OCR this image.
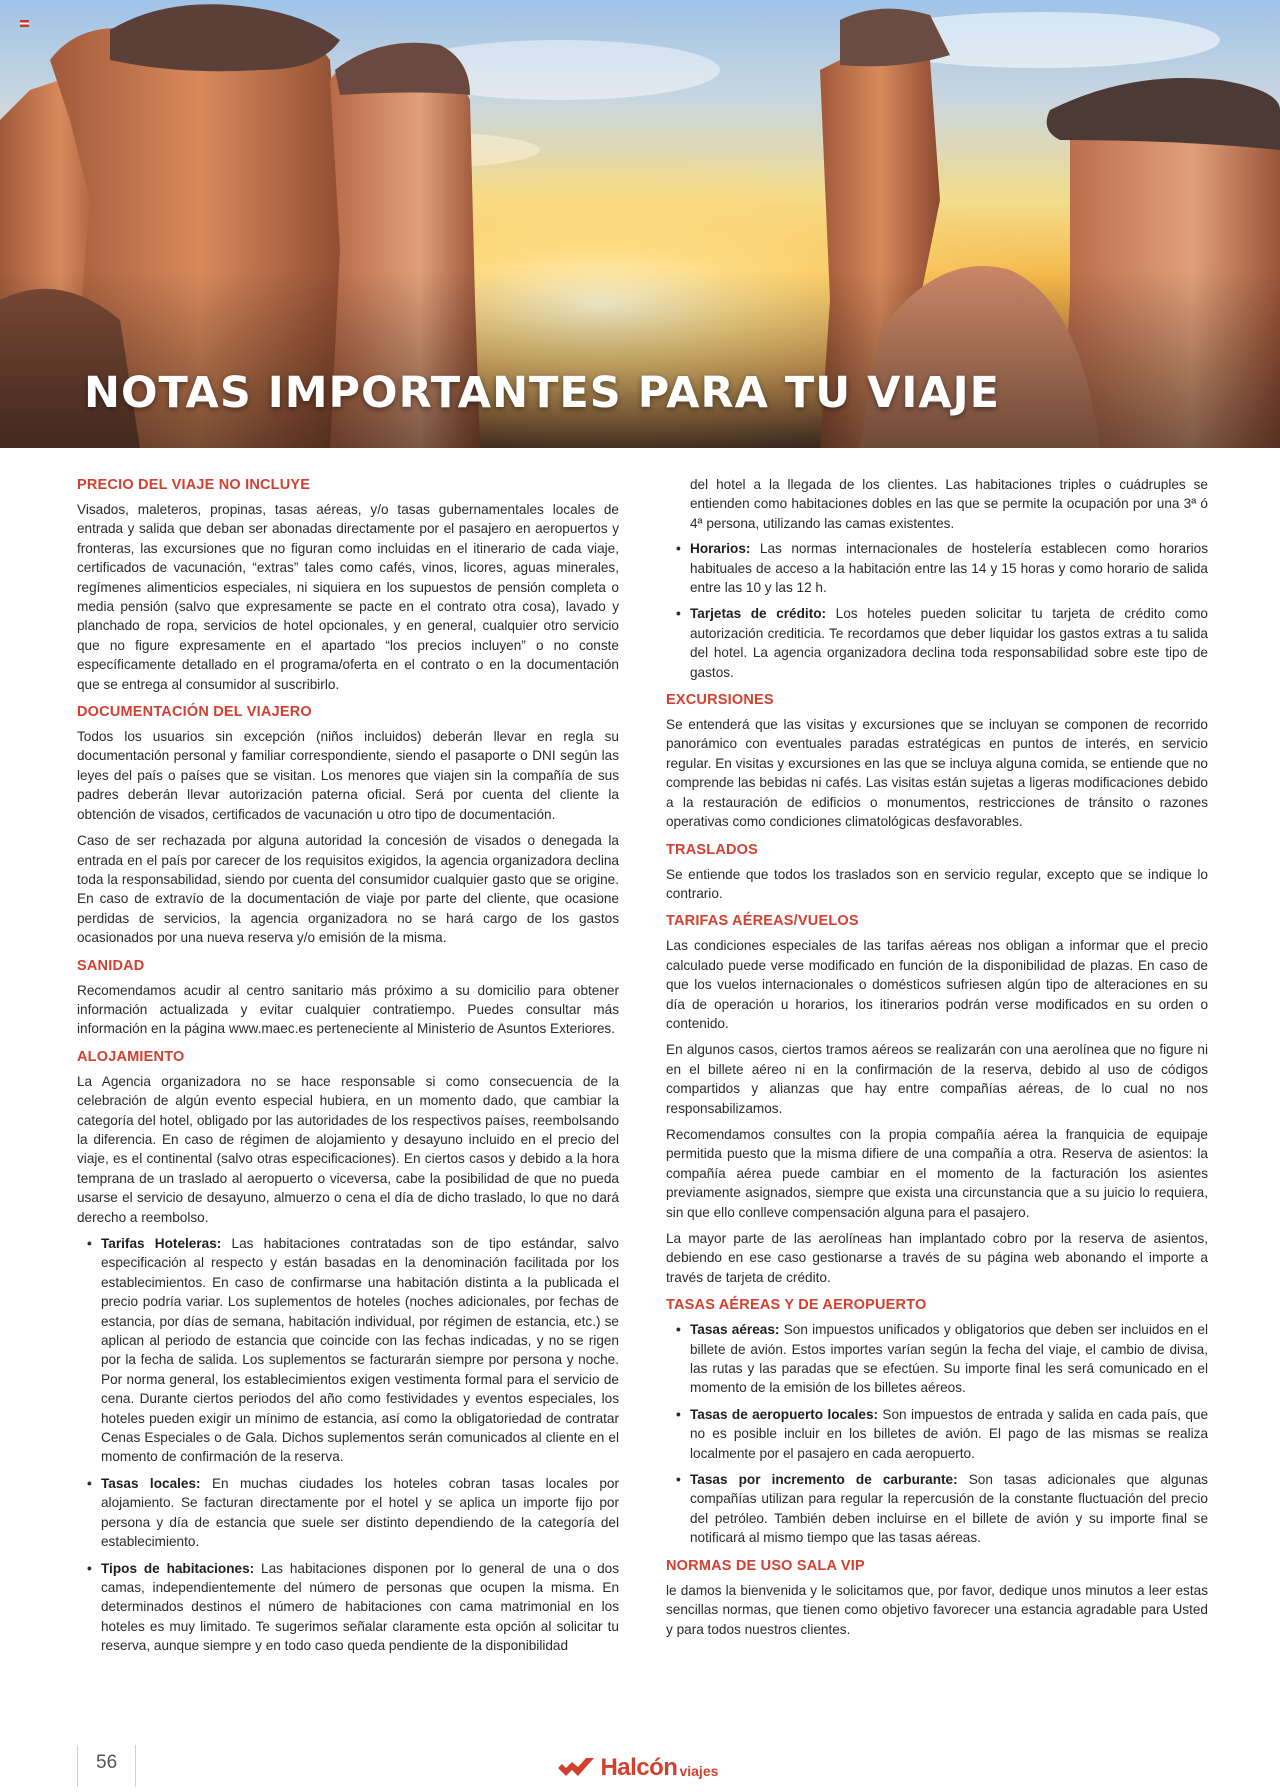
NOTAS IMPORTANTES PARA TU VIAJE
PRECIO DEL VIAJE NO INCLUYE

Visados, maleteros, propinas, tasas aéreas, y/o tasas gubernamentales locales de entrada y salida que deban ser abonadas directamente por el pasajero en aeropuertos y fronteras, las excursiones que no figuran como incluidas en el itinerario de cada viaje, certificados de vacunación, “extras” tales como cafés, vinos, licores, aguas minerales, regímenes alimenticios especiales, ni siquiera en los supuestos de pensión completa o media pensión (salvo que expresamente se pacte en el contrato otra cosa), lavado y planchado de ropa, servicios de hotel opcionales, y en general, cualquier otro servicio que no figure expresamente en el apartado “los precios incluyen” o no conste específicamente detallado en el programa/oferta en el contrato o en la documentación que se entrega al consumidor al suscribirlo.

DOCUMENTACIÓN DEL VIAJERO

Todos los usuarios sin excepción (niños incluidos) deberán llevar en regla su documentación personal y familiar correspondiente, siendo el pasaporte o DNI según las leyes del país o países que se visitan. Los menores que viajen sin la compañía de sus padres deberán llevar autorización paterna oficial. Será por cuenta del cliente la obtención de visados, certificados de vacunación u otro tipo de documentación.

Caso de ser rechazada por alguna autoridad la concesión de visados o denegada la entrada en el país por carecer de los requisitos exigidos, la agencia organizadora declina toda la responsabilidad, siendo por cuenta del consumidor cualquier gasto que se origine. En caso de extravío de la documentación de viaje por parte del cliente, que ocasione perdidas de servicios, la agencia organizadora no se hará cargo de los gastos ocasionados por una nueva reserva y/o emisión de la misma.

SANIDAD

Recomendamos acudir al centro sanitario más próximo a su domicilio para obtener información actualizada y evitar cualquier contratiempo. Puedes consultar más información en la página www.maec.es perteneciente al Ministerio de Asuntos Exteriores.

ALOJAMIENTO

La Agencia organizadora no se hace responsable si como consecuencia de la celebración de algún evento especial hubiera, en un momento dado, que cambiar la categoría del hotel, obligado por las autoridades de los respectivos países, reembolsando la diferencia. En caso de régimen de alojamiento y desayuno incluido en el precio del viaje, es el continental (salvo otras especificaciones). En ciertos casos y debido a la hora temprana de un traslado al aeropuerto o viceversa, cabe la posibilidad de que no pueda usarse el servicio de desayuno, almuerzo o cena el día de dicho traslado, lo que no dará derecho a reembolso.

• Tarifas Hoteleras: Las habitaciones contratadas son de tipo estándar, salvo especificación al respecto y están basadas en la denominación facilitada por los establecimientos. En caso de confirmarse una habitación distinta a la publicada el precio podría variar. Los suplementos de hoteles (noches adicionales, por fechas de estancia, por días de semana, habitación individual, por régimen de estancia, etc.) se aplican al periodo de estancia que coincide con las fechas indicadas, y no se rigen por la fecha de salida. Los suplementos se facturarán siempre por persona y noche. Por norma general, los establecimientos exigen vestimenta formal para el servicio de cena. Durante ciertos periodos del año como festividades y eventos especiales, los hoteles pueden exigir un mínimo de estancia, así como la obligatoriedad de contratar Cenas Especiales o de Gala. Dichos suplementos serán comunicados al cliente en el momento de confirmación de la reserva.
• Tasas locales: En muchas ciudades los hoteles cobran tasas locales por alojamiento. Se facturan directamente por el hotel y se aplica un importe fijo por persona y día de estancia que suele ser distinto dependiendo de la categoría del establecimiento.
• Tipos de habitaciones: Las habitaciones disponen por lo general de una o dos camas, independientemente del número de personas que ocupen la misma. En determinados destinos el número de habitaciones con cama matrimonial en los hoteles es muy limitado. Te sugerimos señalar claramente esta opción al solicitar tu reserva, aunque siempre y en todo caso queda pendiente de la disponibilidad

del hotel a la llegada de los clientes. Las habitaciones triples o cuádruples se entienden como habitaciones dobles en las que se permite la ocupación por una 3ª ó 4ª persona, utilizando las camas existentes.

• Horarios: Las normas internacionales de hostelería establecen como horarios habituales de acceso a la habitación entre las 14 y 15 horas y como horario de salida entre las 10 y las 12 h.
• Tarjetas de crédito: Los hoteles pueden solicitar tu tarjeta de crédito como autorización crediticia. Te recordamos que deber liquidar los gastos extras a tu salida del hotel. La agencia organizadora declina toda responsabilidad sobre este tipo de gastos.
EXCURSIONES

Se entenderá que las visitas y excursiones que se incluyan se componen de recorrido panorámico con eventuales paradas estratégicas en puntos de interés, en servicio regular. En visitas y excursiones en las que se incluya alguna comida, se entiende que no comprende las bebidas ni cafés. Las visitas están sujetas a ligeras modificaciones debido a la restauración de edificios o monumentos, restricciones de tránsito o razones operativas como condiciones climatológicas desfavorables.

TRASLADOS

Se entiende que todos los traslados son en servicio regular, excepto que se indique lo contrario.

TARIFAS AÉREAS/VUELOS

Las condiciones especiales de las tarifas aéreas nos obligan a informar que el precio calculado puede verse modificado en función de la disponibilidad de plazas. En caso de que los vuelos internacionales o domésticos sufriesen algún tipo de alteraciones en su día de operación u horarios, los itinerarios podrán verse modificados en su orden o contenido.

En algunos casos, ciertos tramos aéreos se realizarán con una aerolínea que no figure ni en el billete aéreo ni en la confirmación de la reserva, debido al uso de códigos compartidos y alianzas que hay entre compañías aéreas, de lo cual no nos responsabilizamos.

Recomendamos consultes con la propia compañía aérea la franquicia de equipaje permitida puesto que la misma difiere de una compañía a otra. Reserva de asientos: la compañía aérea puede cambiar en el momento de la facturación los asientes previamente asignados, siempre que exista una circunstancia que a su juicio lo requiera, sin que ello conlleve compensación alguna para el pasajero.

La mayor parte de las aerolíneas han implantado cobro por la reserva de asientos, debiendo en ese caso gestionarse a través de su página web abonando el importe a través de tarjeta de crédito.

TASAS AÉREAS Y DE AEROPUERTO
• Tasas aéreas: Son impuestos unificados y obligatorios que deben ser incluidos en el billete de avión. Estos importes varían según la fecha del viaje, el cambio de divisa, las rutas y las paradas que se efectúen. Su importe final les será comunicado en el momento de la emisión de los billetes aéreos.
• Tasas de aeropuerto locales: Son impuestos de entrada y salida en cada país, que no es posible incluir en los billetes de avión. El pago de las mismas se realiza localmente por el pasajero en cada aeropuerto.
• Tasas por incremento de carburante: Son tasas adicionales que algunas compañías utilizan para regular la repercusión de la constante fluctuación del precio del petróleo. También deben incluirse en el billete de avión y su importe final se notificará al mismo tiempo que las tasas aéreas.
NORMAS DE USO SALA VIP

le damos la bienvenida y le solicitamos que, por favor, dedique unos minutos a leer estas sencillas normas, que tienen como objetivo favorecer una estancia agradable para Usted y para todos nuestros clientes.

56	Halcón viajes
